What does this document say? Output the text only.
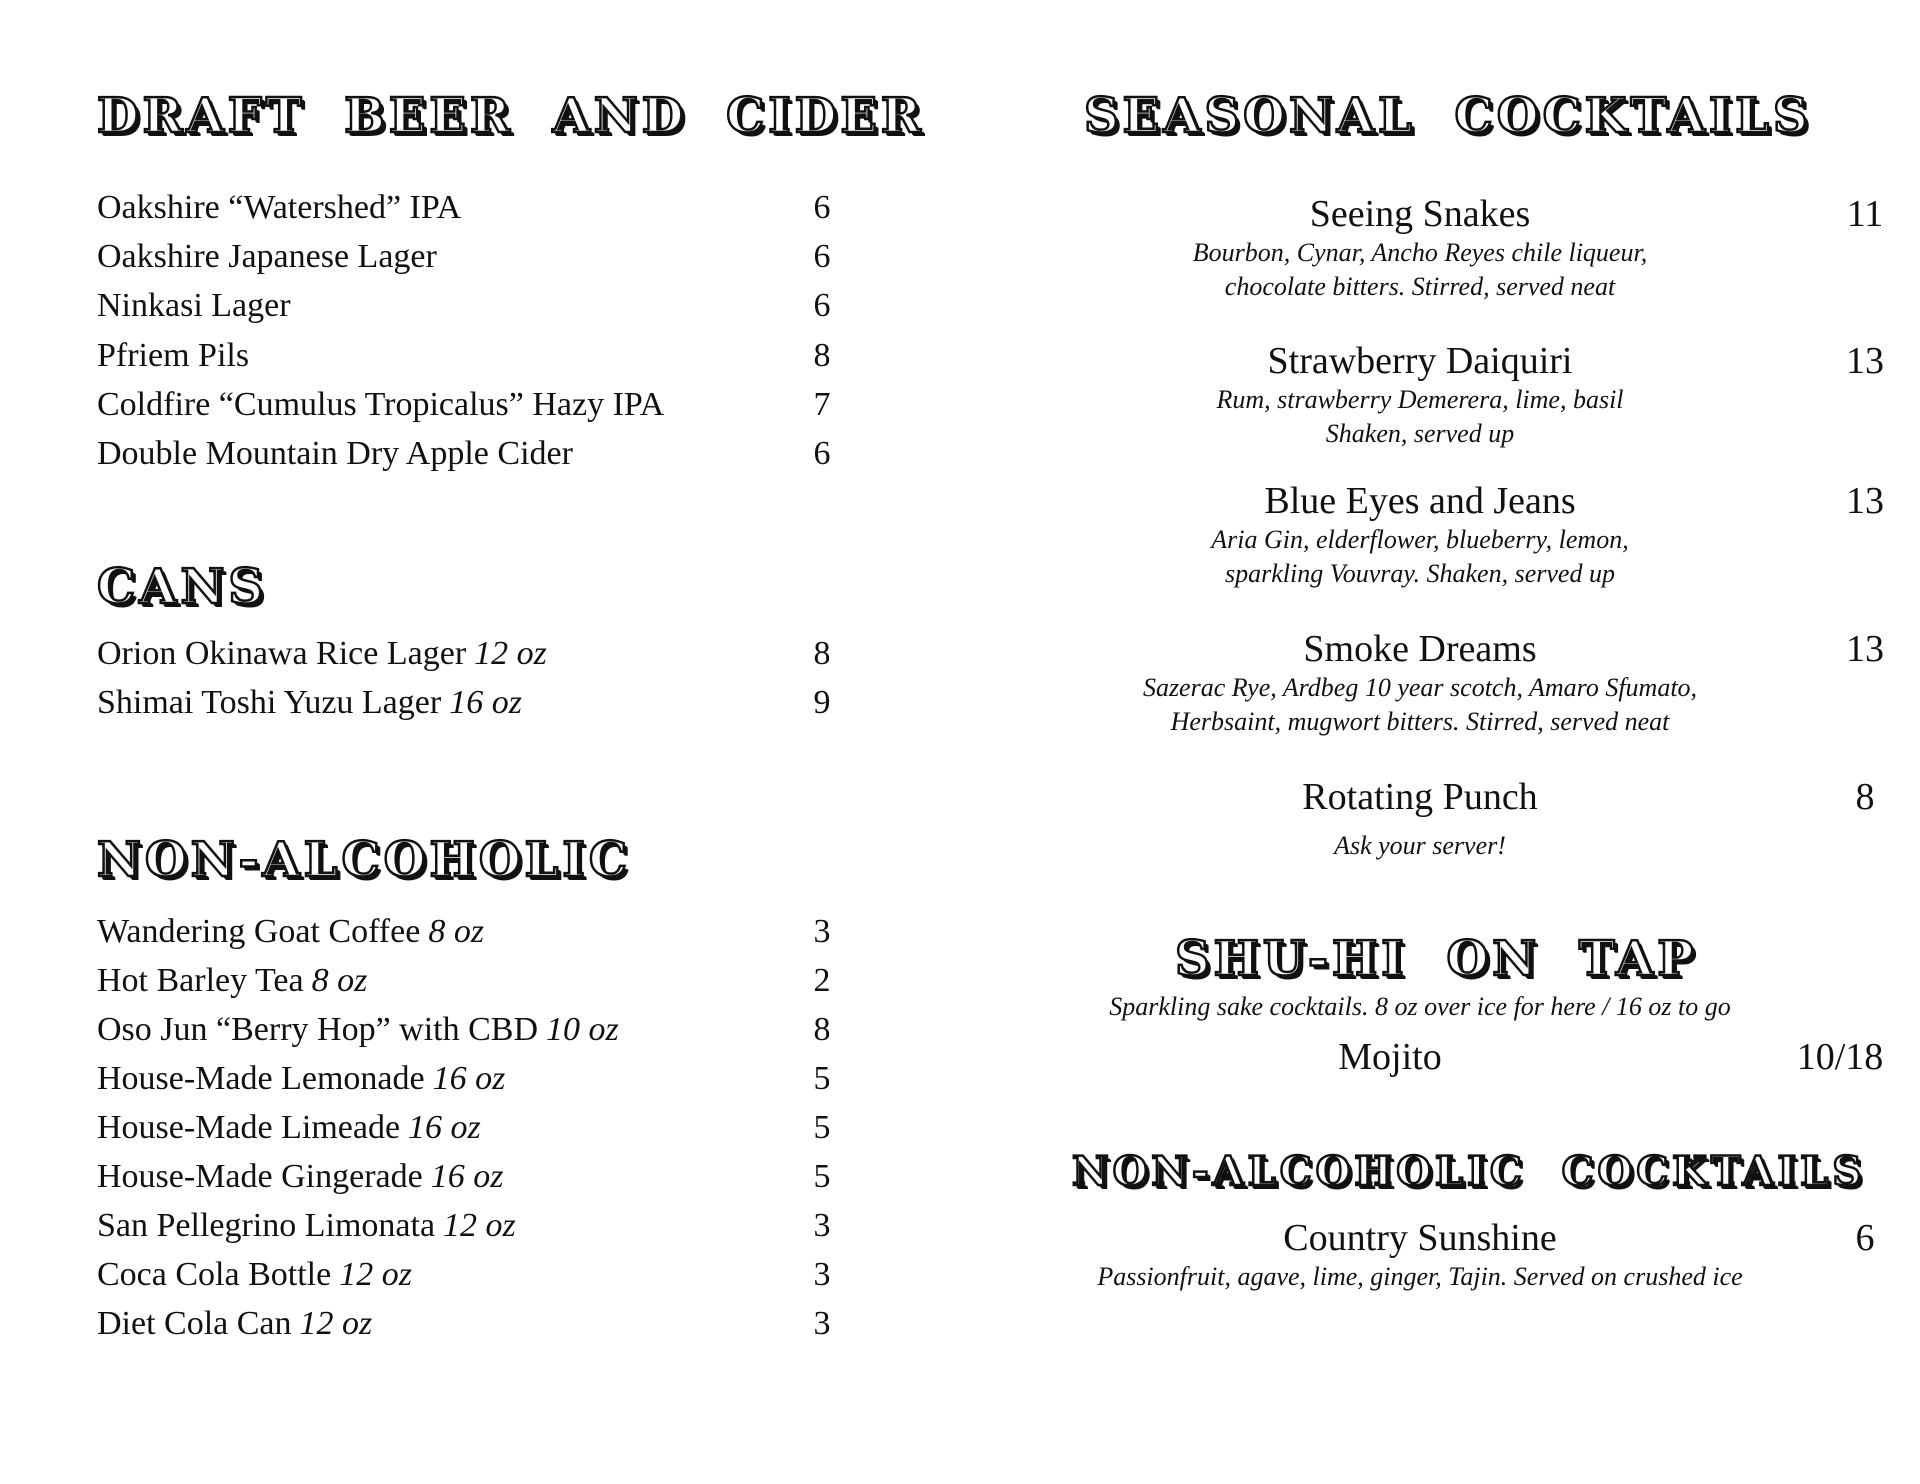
DRAFT BEER AND CIDER
Oakshire “Watershed” IPA	6
Oakshire Japanese Lager	6
Ninkasi Lager	6
Pfriem Pils	8
Coldfire “Cumulus Tropicalus” Hazy IPA	7
Double Mountain Dry Apple Cider	6
CANS
Orion Okinawa Rice Lager 12 oz	8
Shimai Toshi Yuzu Lager 16 oz	9
NON-ALCOHOLIC
Wandering Goat Coffee 8 oz	3
Hot Barley Tea 8 oz	2
Oso Jun “Berry Hop” with CBD 10 oz	8
House-Made Lemonade 16 oz	5
House-Made Limeade 16 oz	5
House-Made Gingerade 16 oz	5
San Pellegrino Limonata 12 oz	3
Coca Cola Bottle 12 oz	3
Diet Cola Can 12 oz	3
SEASONAL COCKTAILS
Seeing Snakes	11
Bourbon, Cynar, Ancho Reyes chile liqueur,
chocolate bitters. Stirred, served neat
Strawberry Daiquiri	13
Rum, strawberry Demerera, lime, basil
Shaken, served up
Blue Eyes and Jeans	13
Aria Gin, elderflower, blueberry, lemon,
sparkling Vouvray. Shaken, served up
Smoke Dreams	13
Sazerac Rye, Ardbeg 10 year scotch, Amaro Sfumato,
Herbsaint, mugwort bitters. Stirred, served neat
Rotating Punch	8
Ask your server!
SHU-HI ON TAP
Sparkling sake cocktails. 8 oz over ice for here / 16 oz to go
Mojito	10/18
NON-ALCOHOLIC COCKTAILS
Country Sunshine	6
Passionfruit, agave, lime, ginger, Tajin. Served on crushed ice
